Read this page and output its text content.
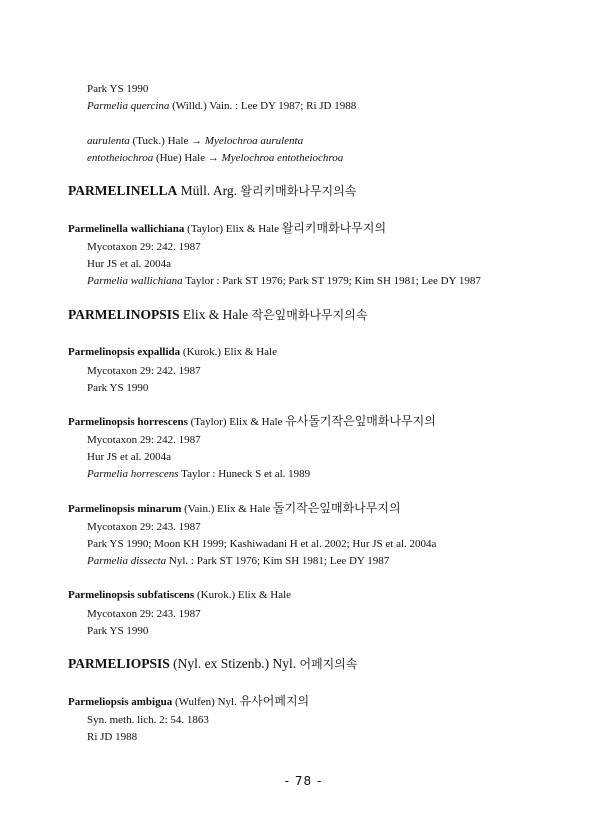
Park YS 1990
Parmelia quercina (Willd.) Vain. : Lee DY 1987; Ri JD 1988
aurulenta (Tuck.) Hale → Myelochroa aurulenta
entotheiochroa (Hue) Hale → Myelochroa entotheiochroa
PARMELINELLA Müll. Arg. 왈리키매화나무지의속
Parmelinella wallichiana (Taylor) Elix & Hale 왈리키매화나무지의
Mycotaxon 29: 242. 1987
Hur JS et al. 2004a
Parmelia wallichiana Taylor : Park ST 1976; Park ST 1979; Kim SH 1981; Lee DY 1987
PARMELINOPSIS Elix & Hale 작은잎매화나무지의속
Parmelinopsis expallida (Kurok.) Elix & Hale
Mycotaxon 29: 242. 1987
Park YS 1990
Parmelinopsis horrescens (Taylor) Elix & Hale 유사돌기작은잎매화나무지의
Mycotaxon 29: 242. 1987
Hur JS et al. 2004a
Parmelia horrescens Taylor : Huneck S et al. 1989
Parmelinopsis minarum (Vain.) Elix & Hale 돌기작은잎매화나무지의
Mycotaxon 29: 243. 1987
Park YS 1990; Moon KH 1999; Kashiwadani H et al. 2002; Hur JS et al. 2004a
Parmelia dissecta Nyl. : Park ST 1976; Kim SH 1981; Lee DY 1987
Parmelinopsis subfatiscens (Kurok.) Elix & Hale
Mycotaxon 29: 243. 1987
Park YS 1990
PARMELIOPSIS (Nyl. ex Stizenb.) Nyl. 어페지의속
Parmeliopsis ambigua (Wulfen) Nyl. 유사어페지의
Syn. meth. lich. 2: 54. 1863
Ri JD 1988
- 78 -
